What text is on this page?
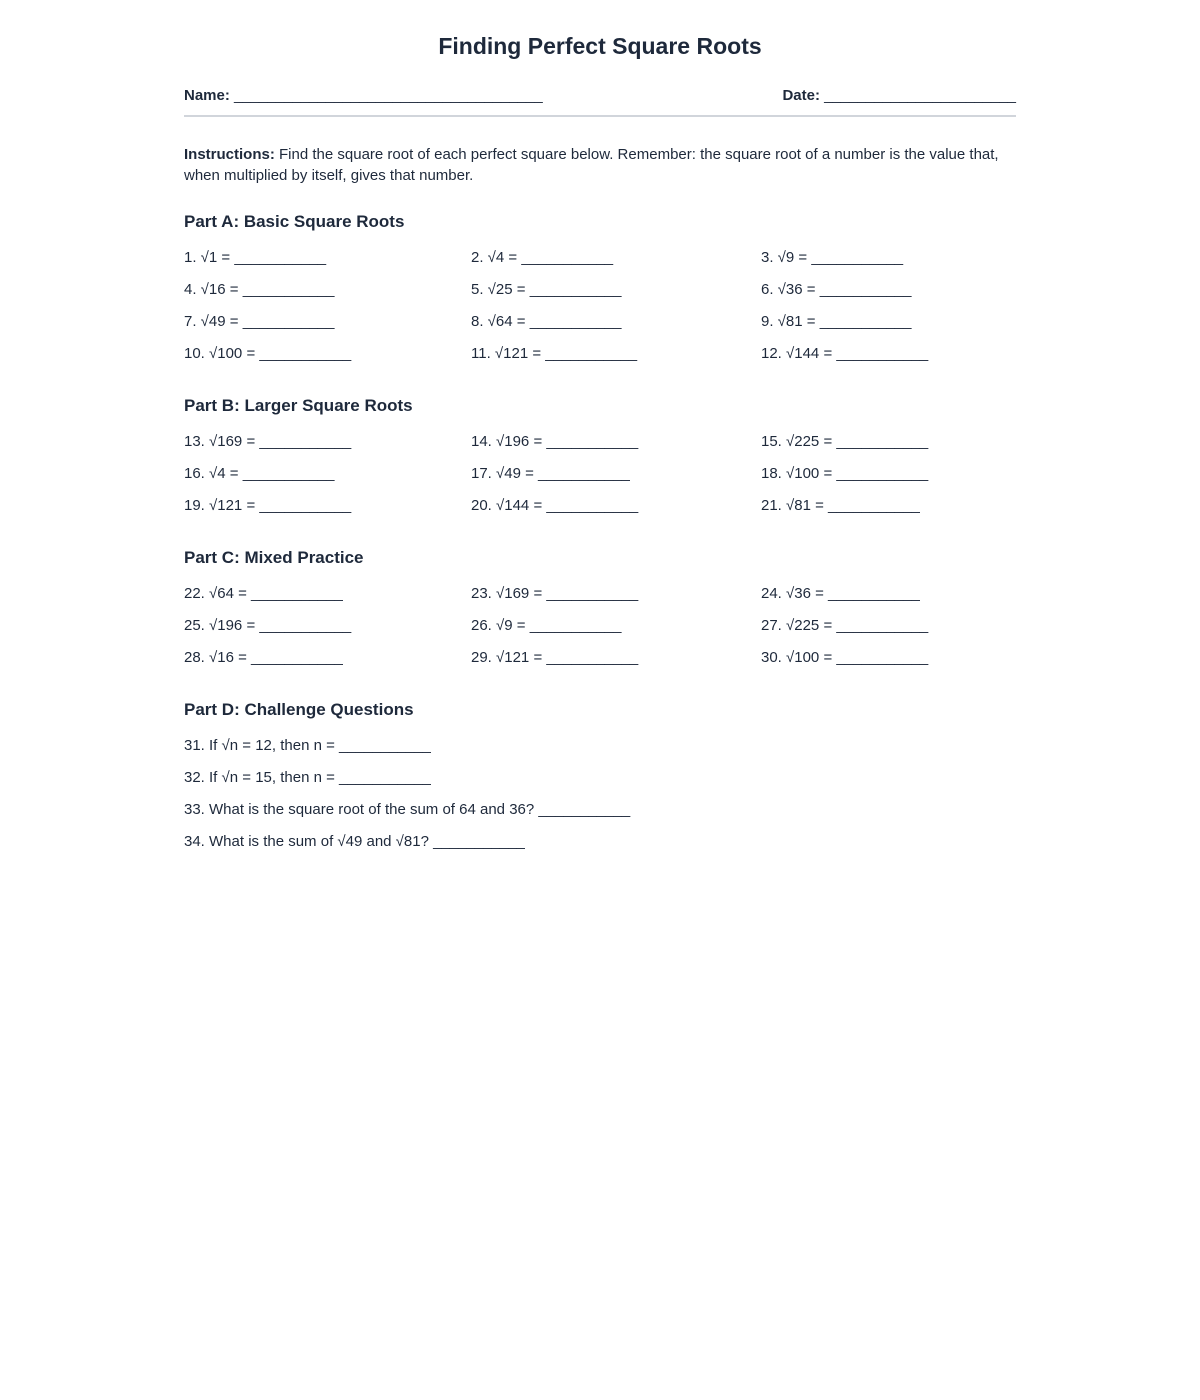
Finding Perfect Square Roots
Name: _____________________________________	Date: _______________________

Instructions: Find the square root of each perfect square below. Remember: the square root of a number is the value that, when multiplied by itself, gives that number.

Part A: Basic Square Roots
1. √1 = ___________	2. √4 = ___________	3. √9 = ___________
4. √16 = ___________	5. √25 = ___________	6. √36 = ___________
7. √49 = ___________	8. √64 = ___________	9. √81 = ___________
10. √100 = ___________	11. √121 = ___________	12. √144 = ___________
Part B: Larger Square Roots
13. √169 = ___________	14. √196 = ___________	15. √225 = ___________
16. √4 = ___________	17. √49 = ___________	18. √100 = ___________
19. √121 = ___________	20. √144 = ___________	21. √81 = ___________
Part C: Mixed Practice
22. √64 = ___________	23. √169 = ___________	24. √36 = ___________
25. √196 = ___________	26. √9 = ___________	27. √225 = ___________
28. √16 = ___________	29. √121 = ___________	30. √100 = ___________
Part D: Challenge Questions
31. If √n = 12, then n = ___________
32. If √n = 15, then n = ___________
33. What is the square root of the sum of 64 and 36? ___________
34. What is the sum of √49 and √81? ___________
